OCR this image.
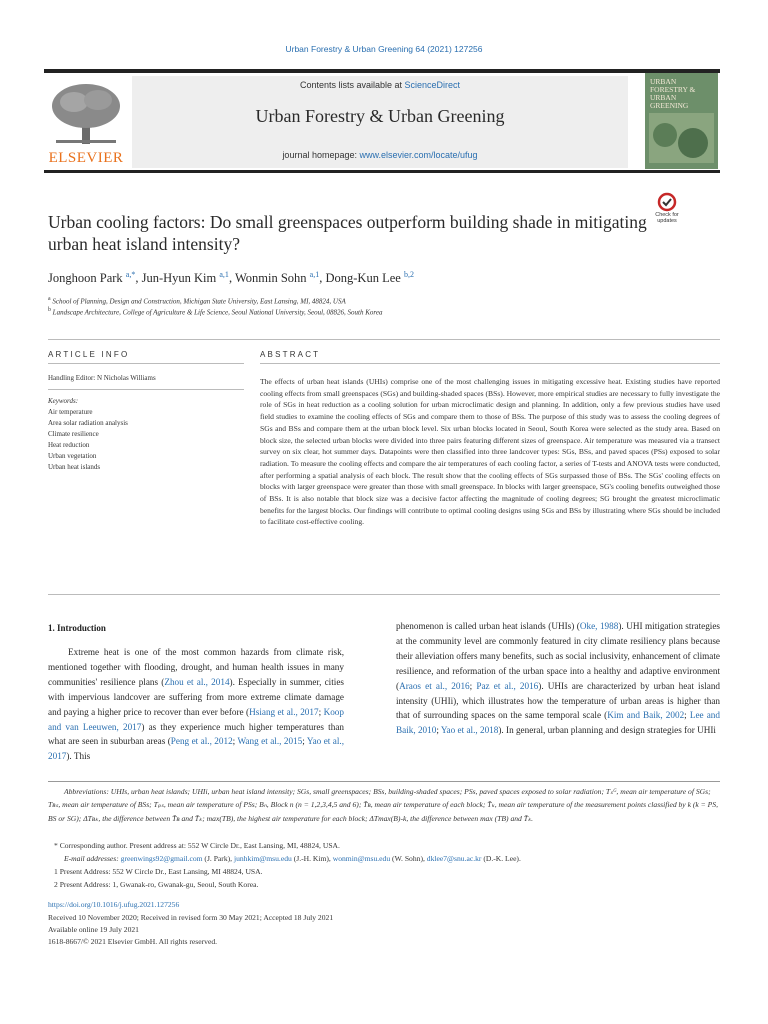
Urban Forestry & Urban Greening 64 (2021) 127256
ELSEVIER
Contents lists available at ScienceDirect
Urban Forestry & Urban Greening
journal homepage: www.elsevier.com/locate/ufug
URBAN FORESTRY & URBAN GREENING
Urban cooling factors: Do small greenspaces outperform building shade in mitigating urban heat island intensity?
Check for updates
Jonghoon Park $^{a,*}$, Jun-Hyun Kim $^{a,1}$, Wonmin Sohn $^{a,1}$, Dong-Kun Lee $^{b,2}$
$^a$ School of Planning, Design and Construction, Michigan State University, East Lansing, MI, 48824, USA
$^b$ Landscape Architecture, College of Agriculture & Life Science, Seoul National University, Seoul, 08826, South Korea
ARTICLE INFO	ABSTRACT
Handling Editor: N Nicholas Williams
Keywords:
Air temperature
Area solar radiation analysis
Climate resilience
Heat reduction
Urban vegetation
Urban heat islands
The effects of urban heat islands (UHIs) comprise one of the most challenging issues in mitigating excessive heat. Existing studies have reported cooling effects from small greenspaces (SGs) and building-shaded spaces (BSs). However, more empirical studies are necessary to fully investigate the role of SGs in heat reduction as a cooling solution for urban microclimatic design and planning. In addition, only a few previous studies have used field studies to examine the cooling effects of SGs and compare them to those of BSs. The purpose of this study was to assess the cooling degrees of SGs and BSs and compare them at the urban block level. Six urban blocks located in Seoul, South Korea were selected as the study area. Based on block size, the selected urban blocks were divided into three pairs featuring different sizes of greenspace. Air temperature was measured via a transect survey on six clear, hot summer days. Datapoints were then classified into three landcover types: SGs, BSs, and paved spaces (PSs) exposed to solar radiation. To measure the cooling effects and compare the air temperatures of each cooling factor, a series of T-tests and ANOVA tests were conducted, after performing a spatial analysis of each block. The result show that the cooling effects of SGs surpassed those of BSs. The SGs' cooling effects on blocks with larger greenspace were greater than those with small greenspace. In blocks with larger greenspace, SG's cooling benefits outweighed those of BSs. It is also notable that block size was a decisive factor affecting the magnitude of cooling degrees; SG brought the greatest microclimatic benefits for the largest blocks. Our findings will contribute to optimal cooling designs using SGs and BSs by illustrating where SGs should be included to facilitate cost-effective cooling.
1. Introduction
Extreme heat is one of the most common hazards from climate risk, mentioned together with flooding, drought, and human health issues in many communities' resilience plans (Zhou et al., 2014). Especially in summer, cities with impervious landcover are suffering from more extreme climate damage and paying a higher price to recover than ever before (Hsiang et al., 2017; Koop and van Leeuwen, 2017) as they experience much higher temperatures than what are seen in suburban areas (Peng et al., 2012; Wang et al., 2015; Yao et al., 2017). This
phenomenon is called urban heat islands (UHIs) (Oke, 1988). UHI mitigation strategies at the community level are commonly featured in city climate resiliency plans because their alleviation offers many benefits, such as social inclusivity, enhancement of climate resilience, and reformation of the urban space into a healthy and adaptive environment (Araos et al., 2016; Paz et al., 2016). UHIs are characterized by urban heat island intensity (UHIi), which illustrates how the temperature of urban areas is higher than that of surrounding spaces on the same temporal scale (Kim and Baik, 2002; Lee and Baik, 2010; Yao et al., 2018). In general, urban planning and design strategies for UHIi
Abbreviations: UHIs, urban heat islands; UHIi, urban heat island intensity; SGs, small greenspaces; BSs, building-shaded spaces; PSs, paved spaces exposed to solar radiation; Tₛᴳ, mean air temperature of SGs; Tʙₛ, mean air temperature of BSs; Tₚₛ, mean air temperature of PSs; Bₙ, Block n (n = 1,2,3,4,5 and 6); T̄ʙ, mean air temperature of each block; T̄ₖ, mean air temperature of the measurement points classified by k (k = PS, BS or SG); ΔTʙₖ, the difference between T̄ʙ and T̄ₖ; max(TB), the highest air temperature for each block; ΔTmax(B)-k, the difference between max (TB) and T̄ₖ.
* Corresponding author. Present address at: 552 W Circle Dr., East Lansing, MI, 48824, USA.
E-mail addresses: greenwings92@gmail.com (J. Park), junhkim@msu.edu (J.-H. Kim), wonmin@msu.edu (W. Sohn), dklee7@snu.ac.kr (D.-K. Lee).
1 Present Address: 552 W Circle Dr., East Lansing, MI 48824, USA.
2 Present Address: 1, Gwanak-ro, Gwanak-gu, Seoul, South Korea.
https://doi.org/10.1016/j.ufug.2021.127256
Received 10 November 2020; Received in revised form 30 May 2021; Accepted 18 July 2021
Available online 19 July 2021
1618-8667/© 2021 Elsevier GmbH. All rights reserved.
